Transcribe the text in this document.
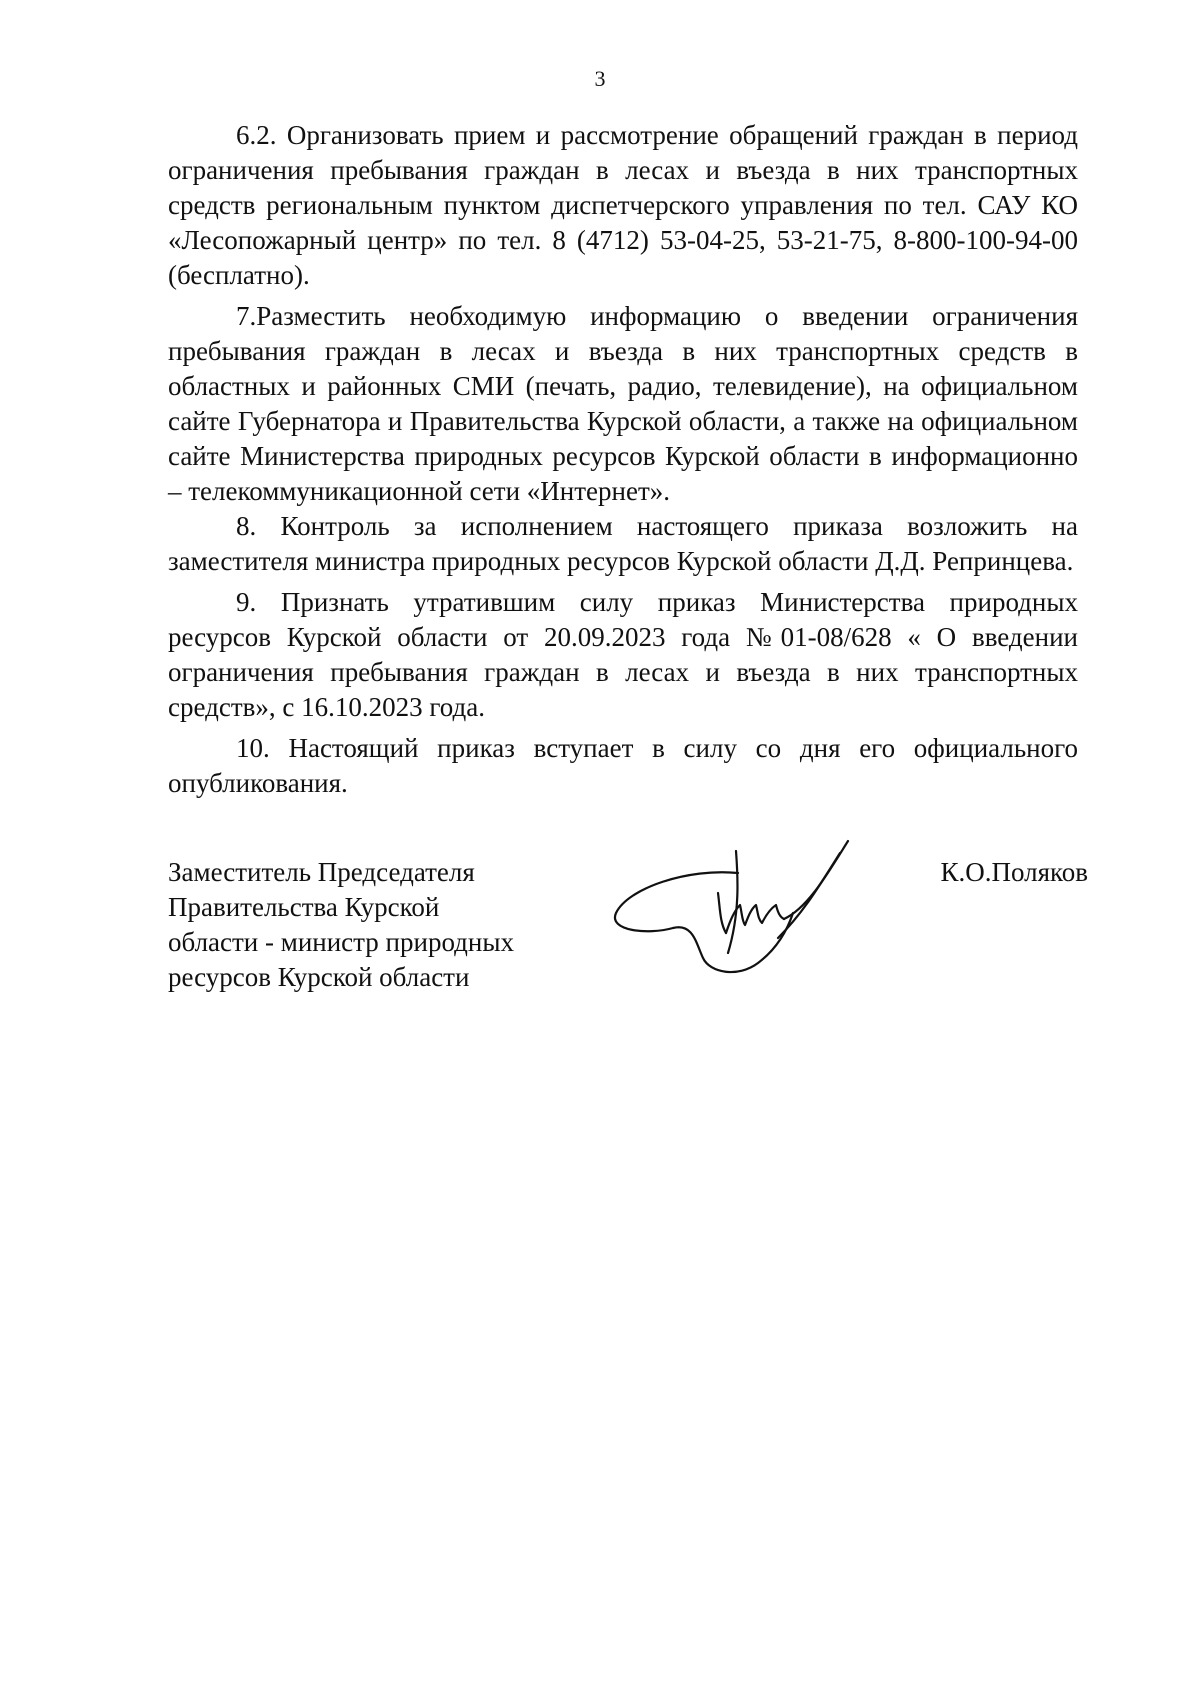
3

6.2. Организовать прием и рассмотрение обращений граждан в период ограничения пребывания граждан в лесах и въезда в них транспортных средств региональным пунктом диспетчерского управления по тел. САУ КО «Лесопожарный центр» по тел. 8 (4712) 53-04-25, 53-21-75, 8-800-100-94-00 (бесплатно).

7.Разместить необходимую информацию о введении ограничения пребывания граждан в лесах и въезда в них транспортных средств в областных и районных СМИ (печать, радио, телевидение), на официальном сайте Губернатора и Правительства Курской области, а также на официальном сайте Министерства природных ресурсов Курской области в информационно – телекоммуникационной сети «Интернет».

8. Контроль за исполнением настоящего приказа возложить на заместителя министра природных ресурсов Курской области Д.Д. Репринцева.

9. Признать утратившим силу приказ Министерства природных ресурсов Курской области от 20.09.2023 года №01-08/628 « О введении ограничения пребывания граждан в лесах и въезда в них транспортных средств», с 16.10.2023 года.

10. Настоящий приказ вступает в силу со дня его официального опубликования.

Заместитель Председателя
Правительства Курской
области - министр природных
ресурсов Курской области
К.О.Поляков
